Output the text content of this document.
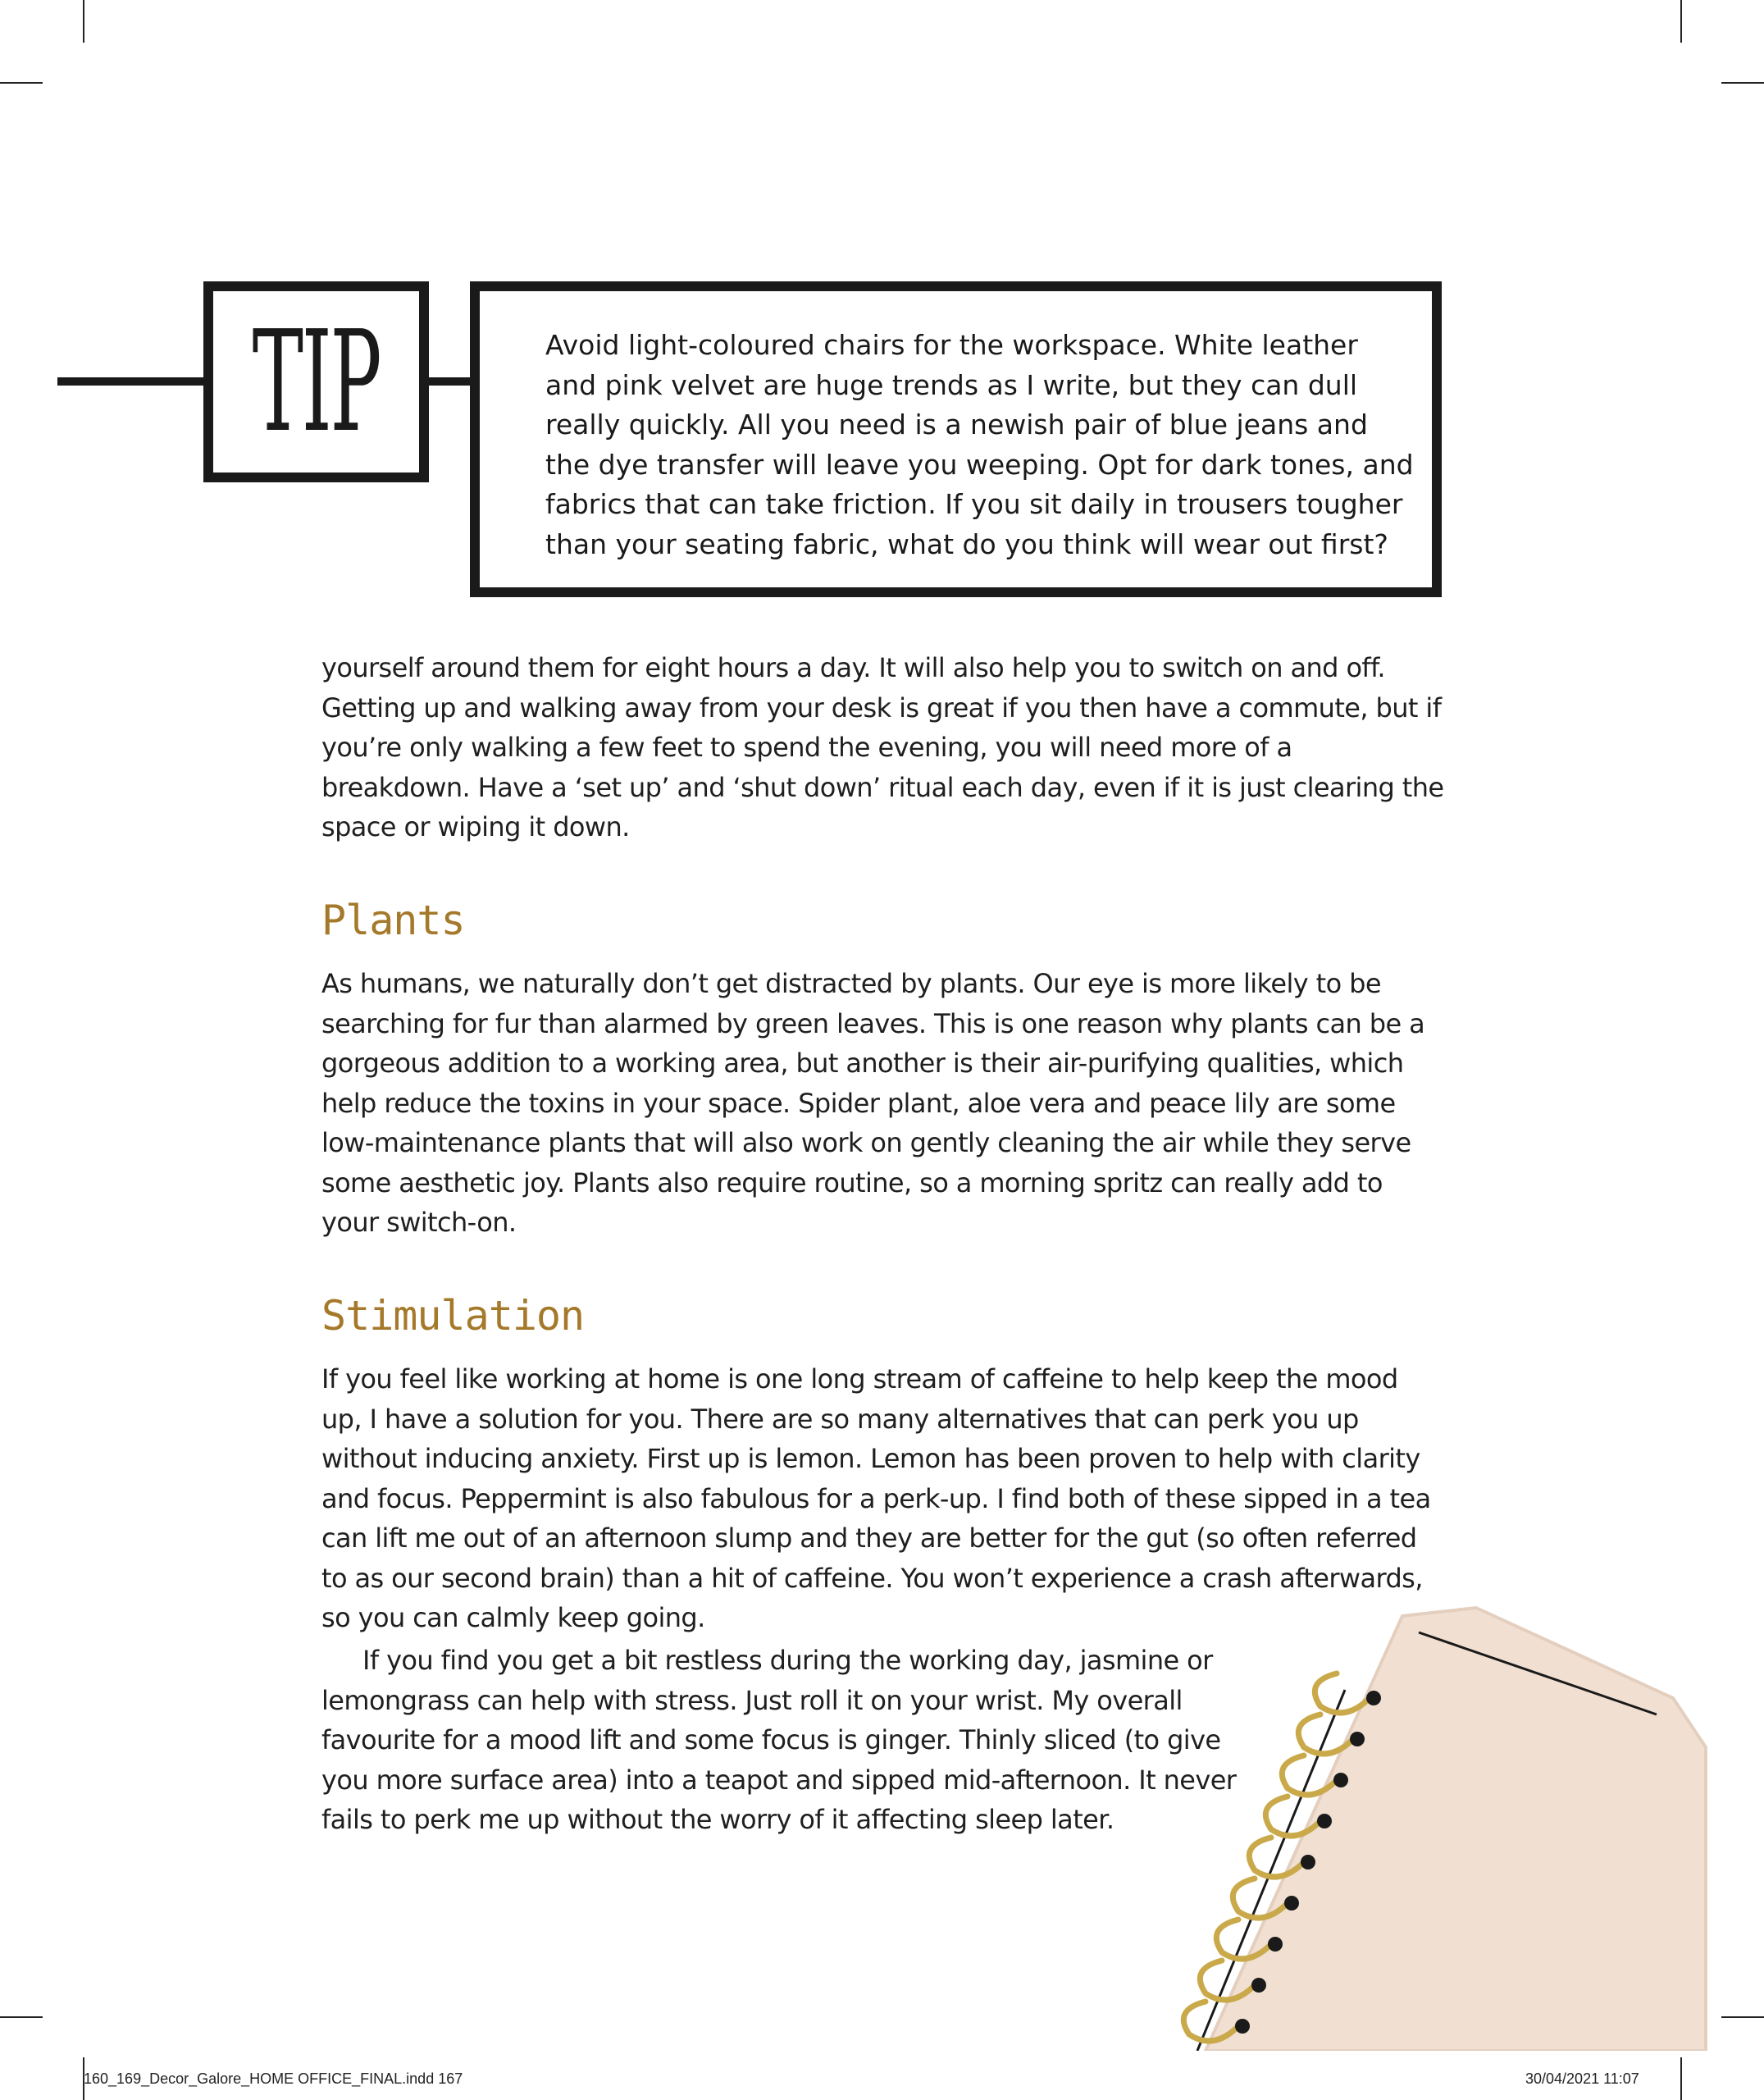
TIP	Avoid light-coloured chairs for the workspace. White leather and pink velvet are huge trends as I write, but they can dull really quickly. All you need is a newish pair of blue jeans and the dye transfer will leave you weeping. Opt for dark tones, and fabrics that can take friction. If you sit daily in trousers tougher than your seating fabric, what do you think will wear out first?

yourself around them for eight hours a day. It will also help you to switch on and off. Getting up and walking away from your desk is great if you then have a commute, but if you’re only walking a few feet to spend the evening, you will need more of a breakdown. Have a ‘set up’ and ‘shut down’ ritual each day, even if it is just clearing the space or wiping it down.

Plants

As humans, we naturally don’t get distracted by plants. Our eye is more likely to be searching for fur than alarmed by green leaves. This is one reason why plants can be a gorgeous addition to a working area, but another is their air-purifying qualities, which help reduce the toxins in your space. Spider plant, aloe vera and peace lily are some low-maintenance plants that will also work on gently cleaning the air while they serve some aesthetic joy. Plants also require routine, so a morning spritz can really add to your switch-on.

Stimulation

If you feel like working at home is one long stream of caffeine to help keep the mood up, I have a solution for you. There are so many alternatives that can perk you up without inducing anxiety. First up is lemon. Lemon has been proven to help with clarity and focus. Peppermint is also fabulous for a perk-up. I find both of these sipped in a tea can lift me out of an afternoon slump and they are better for the gut (so often referred to as our second brain) than a hit of caffeine. You won’t experience a crash afterwards, so you can calmly keep going.

If you find you get a bit restless during the working day, jasmine or lemongrass can help with stress. Just roll it on your wrist. My overall favourite for a mood lift and some focus is ginger. Thinly sliced (to give you more surface area) into a teapot and sipped mid-afternoon. It never fails to perk me up without the worry of it affecting sleep later.

160_169_Decor_Galore_HOME OFFICE_FINAL.indd 167	30/04/2021 11:07
